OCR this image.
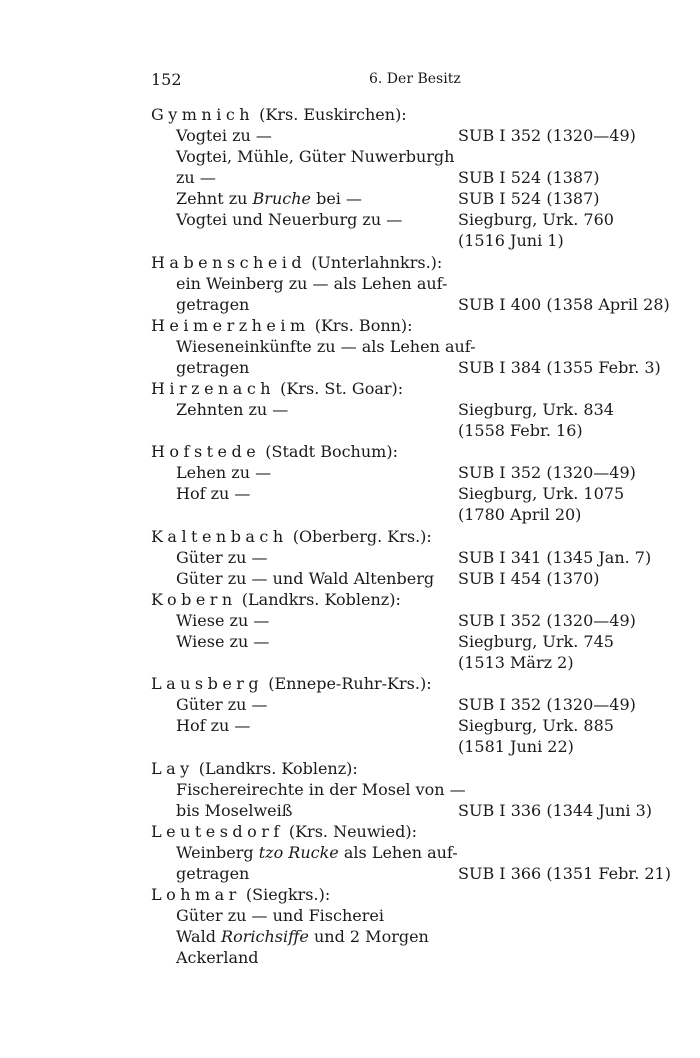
152	6. Der Besitz
Gymnich (Krs. Euskirchen):
Vogtei zu —	SUB I 352 (1320—49)
Vogtei, Mühle, Güter Nuwerburgh
zu —	SUB I 524 (1387)
Zehnt zu Bruche bei —	SUB I 524 (1387)
Vogtei und Neuerburg zu —	Siegburg, Urk. 760
(1516 Juni 1)
Habenscheid (Unterlahnkrs.):
ein Weinberg zu — als Lehen auf-
getragen	SUB I 400 (1358 April 28)
Heimerzheim (Krs. Bonn):
Wieseneinkünfte zu — als Lehen auf-
getragen	SUB I 384 (1355 Febr. 3)
Hirzenach (Krs. St. Goar):
Zehnten zu —	Siegburg, Urk. 834
(1558 Febr. 16)
Hofstede (Stadt Bochum):
Lehen zu —	SUB I 352 (1320—49)
Hof zu —	Siegburg, Urk. 1075
(1780 April 20)
Kaltenbach (Oberberg. Krs.):
Güter zu —	SUB I 341 (1345 Jan. 7)
Güter zu — und Wald Altenberg SUB I 454 (1370)
Kobern (Landkrs. Koblenz):
Wiese zu —	SUB I 352 (1320—49)
Wiese zu —	Siegburg, Urk. 745
(1513 März 2)
Lausberg (Ennepe-Ruhr-Krs.):
Güter zu —	SUB I 352 (1320—49)
Hof zu —	Siegburg, Urk. 885
(1581 Juni 22)
Lay (Landkrs. Koblenz):
Fischereirechte in der Mosel von —
bis Moselweiß	SUB I 336 (1344 Juni 3)
Leutesdorf (Krs. Neuwied):
Weinberg tzo Rucke als Lehen auf-
getragen	SUB I 366 (1351 Febr. 21)
Lohmar (Siegkrs.):
Güter zu — und Fischerei
Wald Rorichsiffe und 2 Morgen
Ackerland
